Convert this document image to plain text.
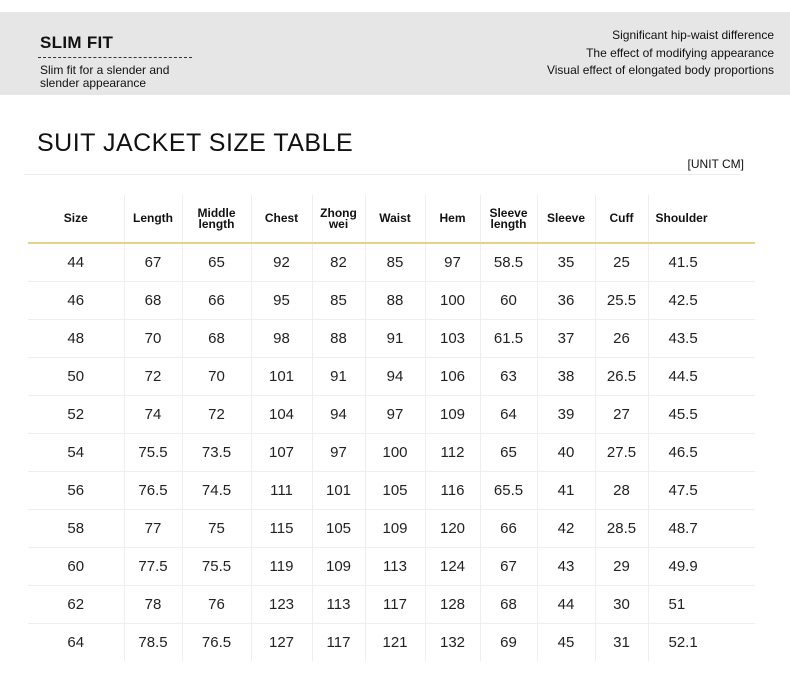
SLIM FIT
Slim fit for a slender and slender appearance
Significant hip-waist difference
The effect of modifying appearance
Visual effect of elongated body proportions
SUIT JACKET SIZE TABLE
[UNIT CM]
Size	Length	Middle length	Chest	Zhong wei	Waist	Hem	Sleeve length	Sleeve	Cuff	Shoulder
44	67	65	92	82	85	97	58.5	35	25	41.5
46	68	66	95	85	88	100	60	36	25.5	42.5
48	70	68	98	88	91	103	61.5	37	26	43.5
50	72	70	101	91	94	106	63	38	26.5	44.5
52	74	72	104	94	97	109	64	39	27	45.5
54	75.5	73.5	107	97	100	112	65	40	27.5	46.5
56	76.5	74.5	111	101	105	116	65.5	41	28	47.5
58	77	75	115	105	109	120	66	42	28.5	48.7
60	77.5	75.5	119	109	113	124	67	43	29	49.9
62	78	76	123	113	117	128	68	44	30	51
64	78.5	76.5	127	117	121	132	69	45	31	52.1
